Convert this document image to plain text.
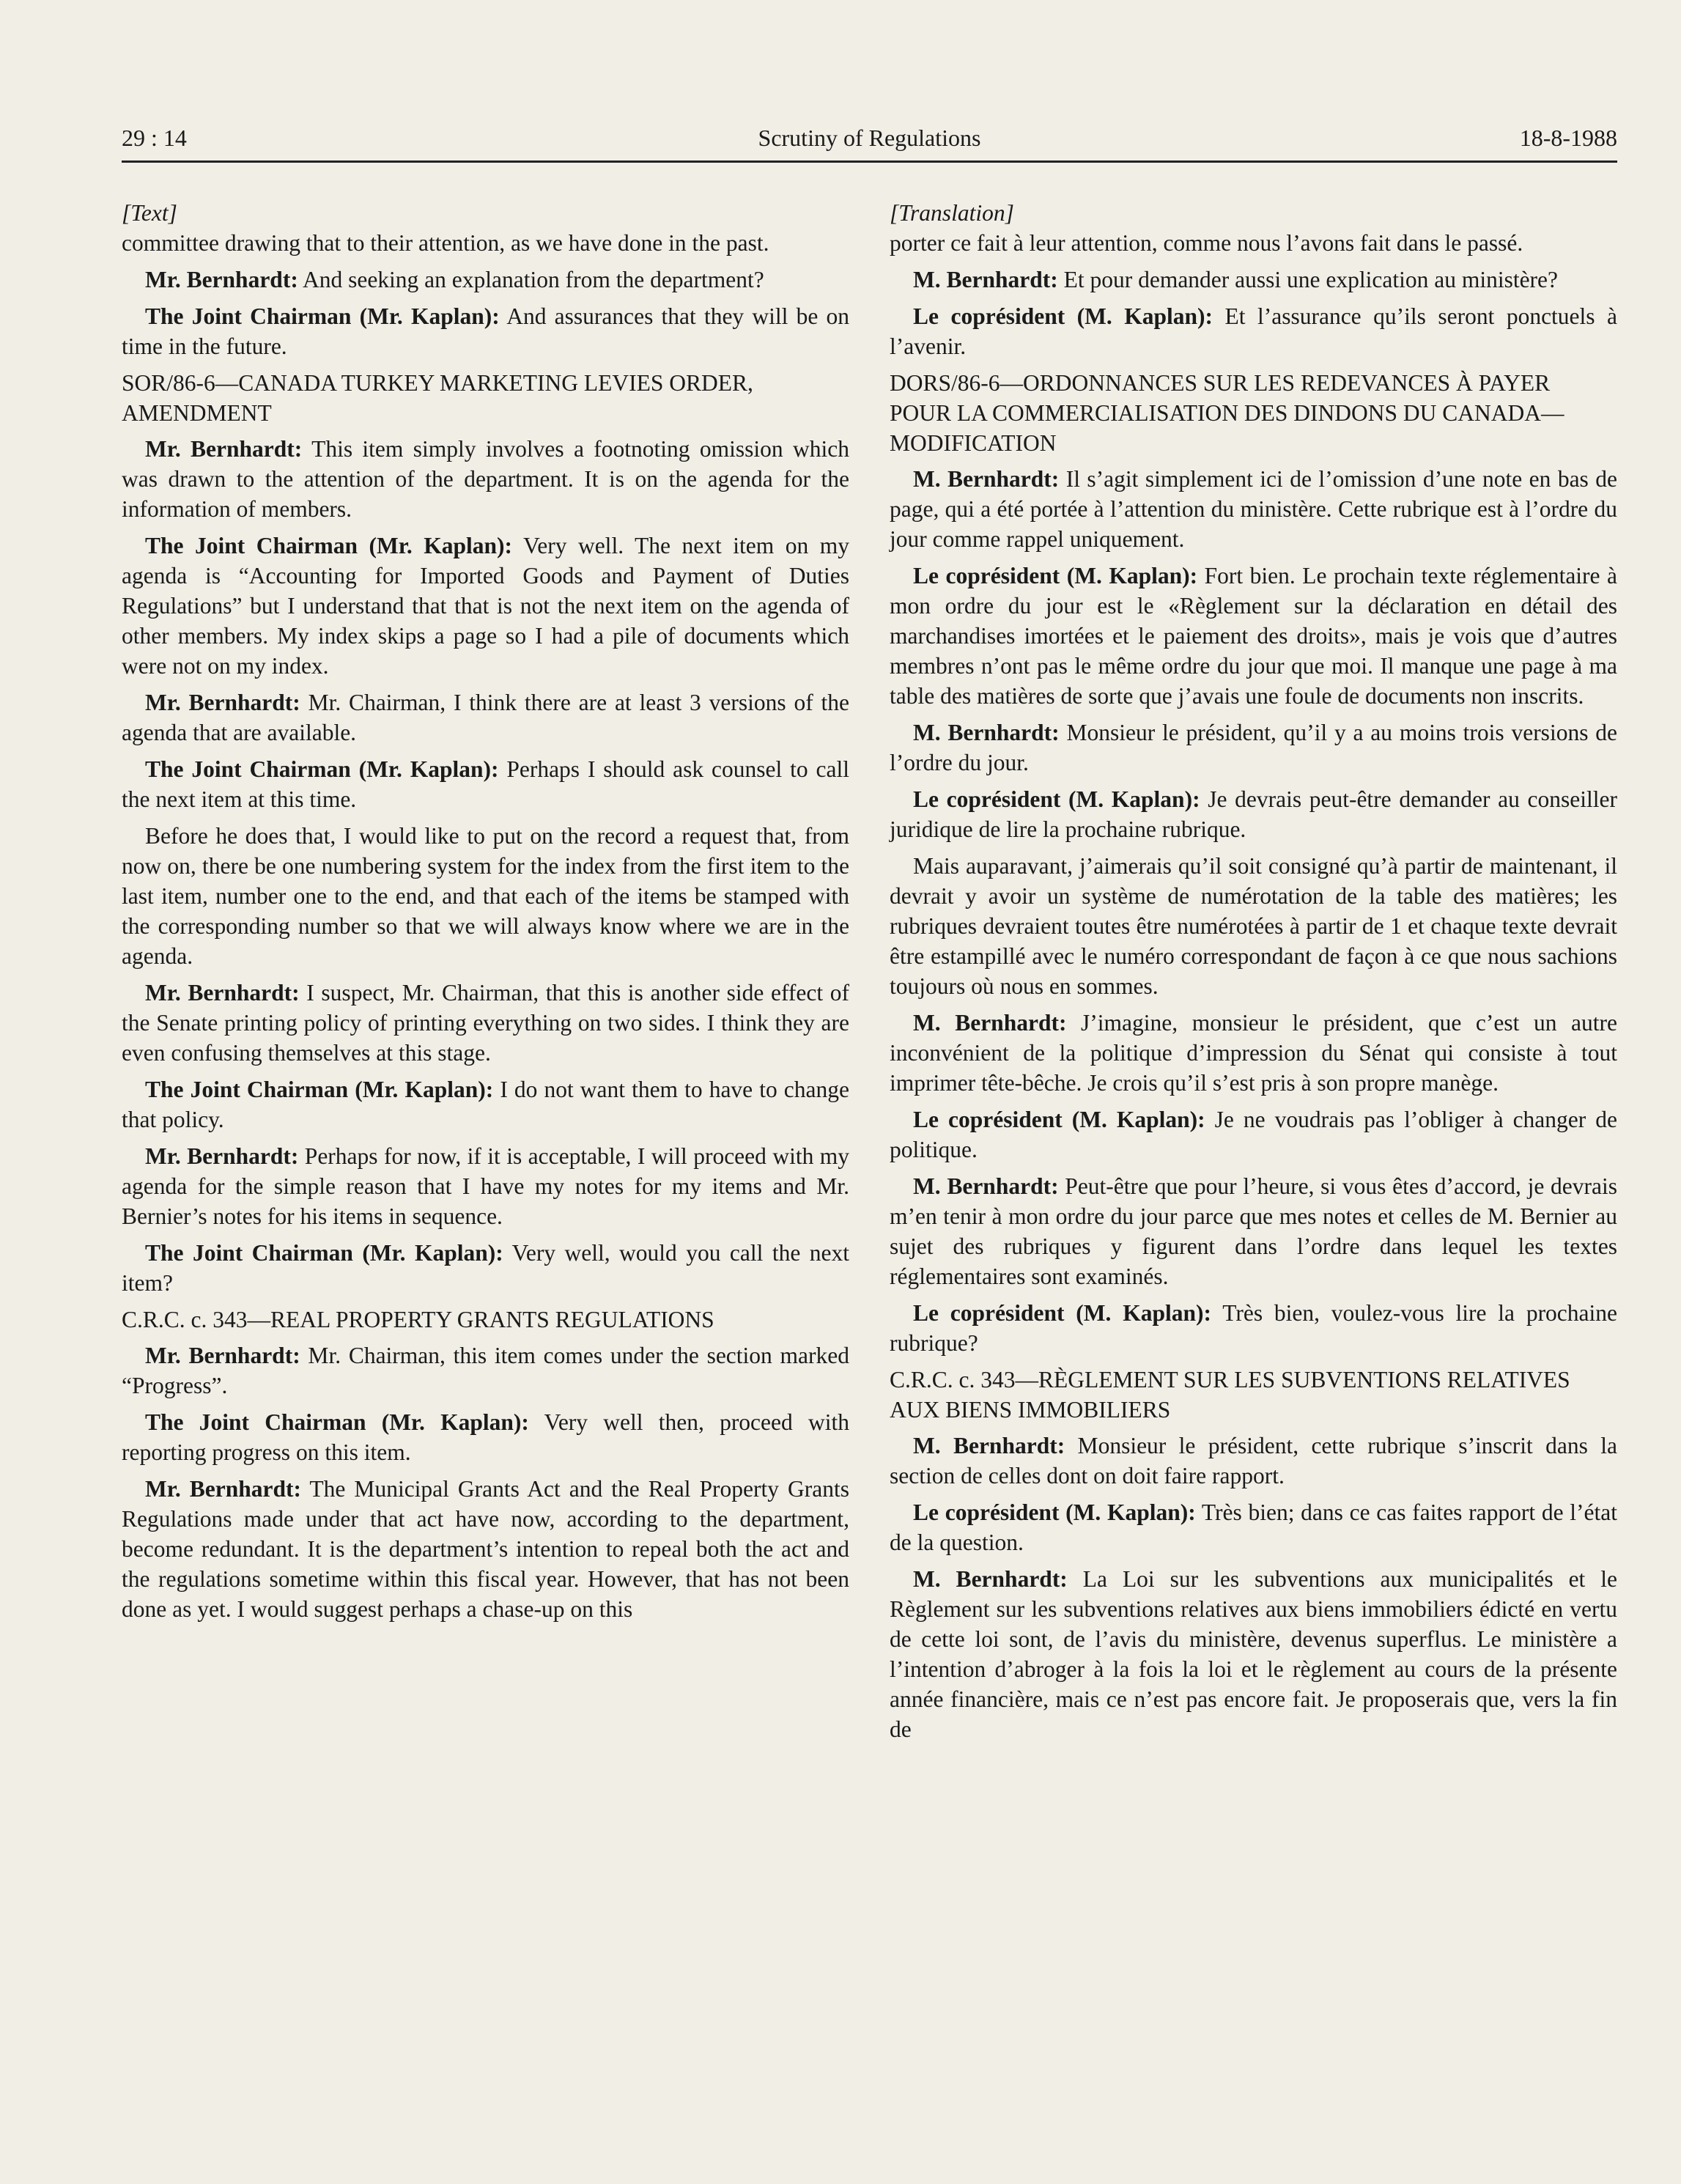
29 : 14	Scrutiny of Regulations	18-8-1988
[Text]

committee drawing that to their attention, as we have done in the past.

Mr. Bernhardt: And seeking an explanation from the department?

The Joint Chairman (Mr. Kaplan): And assurances that they will be on time in the future.

SOR/86-6—CANADA TURKEY MARKETING LEVIES ORDER, AMENDMENT

Mr. Bernhardt: This item simply involves a footnoting omission which was drawn to the attention of the department. It is on the agenda for the information of members.

The Joint Chairman (Mr. Kaplan): Very well. The next item on my agenda is “Accounting for Imported Goods and Payment of Duties Regulations” but I understand that that is not the next item on the agenda of other members. My index skips a page so I had a pile of documents which were not on my index.

Mr. Bernhardt: Mr. Chairman, I think there are at least 3 versions of the agenda that are available.

The Joint Chairman (Mr. Kaplan): Perhaps I should ask counsel to call the next item at this time.

Before he does that, I would like to put on the record a request that, from now on, there be one numbering system for the index from the first item to the last item, number one to the end, and that each of the items be stamped with the corresponding number so that we will always know where we are in the agenda.

Mr. Bernhardt: I suspect, Mr. Chairman, that this is another side effect of the Senate printing policy of printing everything on two sides. I think they are even confusing themselves at this stage.

The Joint Chairman (Mr. Kaplan): I do not want them to have to change that policy.

Mr. Bernhardt: Perhaps for now, if it is acceptable, I will proceed with my agenda for the simple reason that I have my notes for my items and Mr. Bernier’s notes for his items in sequence.

The Joint Chairman (Mr. Kaplan): Very well, would you call the next item?

C.R.C. c. 343—REAL PROPERTY GRANTS REGULATIONS

Mr. Bernhardt: Mr. Chairman, this item comes under the section marked “Progress”.

The Joint Chairman (Mr. Kaplan): Very well then, proceed with reporting progress on this item.

Mr. Bernhardt: The Municipal Grants Act and the Real Property Grants Regulations made under that act have now, according to the department, become redundant. It is the department’s intention to repeal both the act and the regulations sometime within this fiscal year. However, that has not been done as yet. I would suggest perhaps a chase-up on this

[Translation]

porter ce fait à leur attention, comme nous l’avons fait dans le passé.

M. Bernhardt: Et pour demander aussi une explication au ministère?

Le coprésident (M. Kaplan): Et l’assurance qu’ils seront ponctuels à l’avenir.

DORS/86-6—ORDONNANCES SUR LES REDEVANCES À PAYER POUR LA COMMERCIALISATION DES DINDONS DU CANADA—MODIFICATION

M. Bernhardt: Il s’agit simplement ici de l’omission d’une note en bas de page, qui a été portée à l’attention du ministère. Cette rubrique est à l’ordre du jour comme rappel uniquement.

Le coprésident (M. Kaplan): Fort bien. Le prochain texte réglementaire à mon ordre du jour est le «Règlement sur la déclaration en détail des marchandises imortées et le paiement des droits», mais je vois que d’autres membres n’ont pas le même ordre du jour que moi. Il manque une page à ma table des matières de sorte que j’avais une foule de documents non inscrits.

M. Bernhardt: Monsieur le président, qu’il y a au moins trois versions de l’ordre du jour.

Le coprésident (M. Kaplan): Je devrais peut-être demander au conseiller juridique de lire la prochaine rubrique.

Mais auparavant, j’aimerais qu’il soit consigné qu’à partir de maintenant, il devrait y avoir un système de numérotation de la table des matières; les rubriques devraient toutes être numérotées à partir de 1 et chaque texte devrait être estampillé avec le numéro correspondant de façon à ce que nous sachions toujours où nous en sommes.

M. Bernhardt: J’imagine, monsieur le président, que c’est un autre inconvénient de la politique d’impression du Sénat qui consiste à tout imprimer tête-bêche. Je crois qu’il s’est pris à son propre manège.

Le coprésident (M. Kaplan): Je ne voudrais pas l’obliger à changer de politique.

M. Bernhardt: Peut-être que pour l’heure, si vous êtes d’accord, je devrais m’en tenir à mon ordre du jour parce que mes notes et celles de M. Bernier au sujet des rubriques y figurent dans l’ordre dans lequel les textes réglementaires sont examinés.

Le coprésident (M. Kaplan): Très bien, voulez-vous lire la prochaine rubrique?

C.R.C. c. 343—RÈGLEMENT SUR LES SUBVENTIONS RELATIVES AUX BIENS IMMOBILIERS

M. Bernhardt: Monsieur le président, cette rubrique s’inscrit dans la section de celles dont on doit faire rapport.

Le coprésident (M. Kaplan): Très bien; dans ce cas faites rapport de l’état de la question.

M. Bernhardt: La Loi sur les subventions aux municipalités et le Règlement sur les subventions relatives aux biens immobiliers édicté en vertu de cette loi sont, de l’avis du ministère, devenus superflus. Le ministère a l’intention d’abroger à la fois la loi et le règlement au cours de la présente année financière, mais ce n’est pas encore fait. Je proposerais que, vers la fin de
